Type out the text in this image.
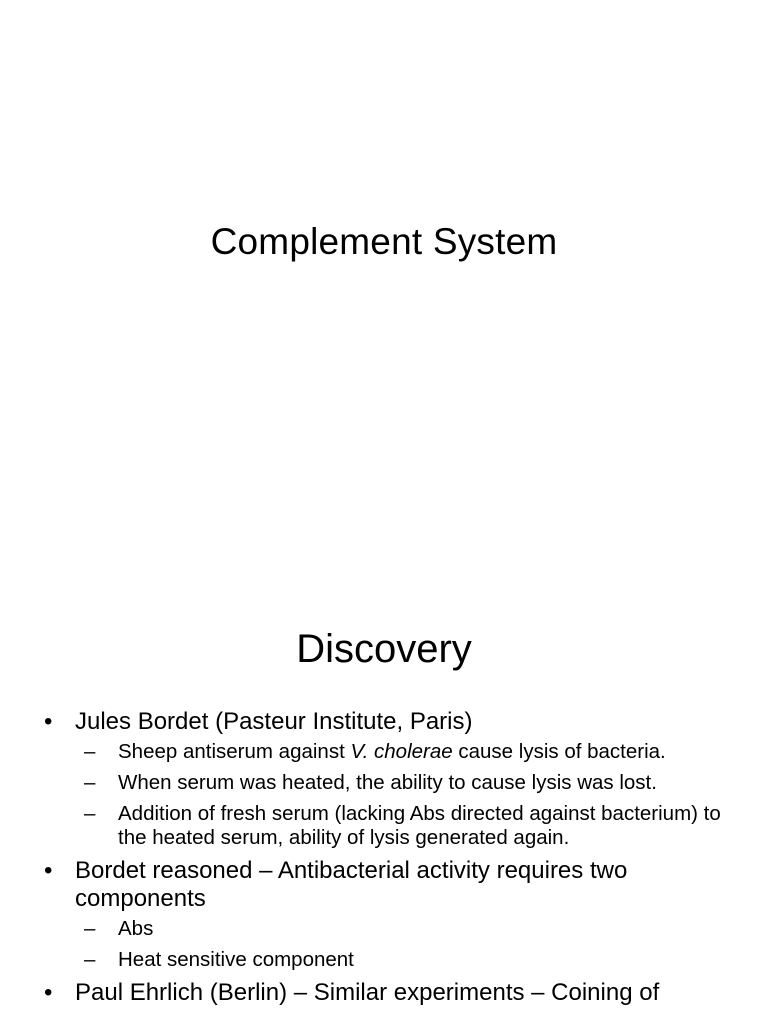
Complement System
Discovery
• Jules Bordet (Pasteur Institute, Paris)
– Sheep antiserum against V. cholerae cause lysis of bacteria.
– When serum was heated, the ability to cause lysis was lost.
– Addition of fresh serum (lacking Abs directed against bacterium) to the heated serum, ability of lysis generated again.
• Bordet reasoned – Antibacterial activity requires two components
– Abs
– Heat sensitive component
• Paul Ehrlich (Berlin) – Similar experiments – Coining of
